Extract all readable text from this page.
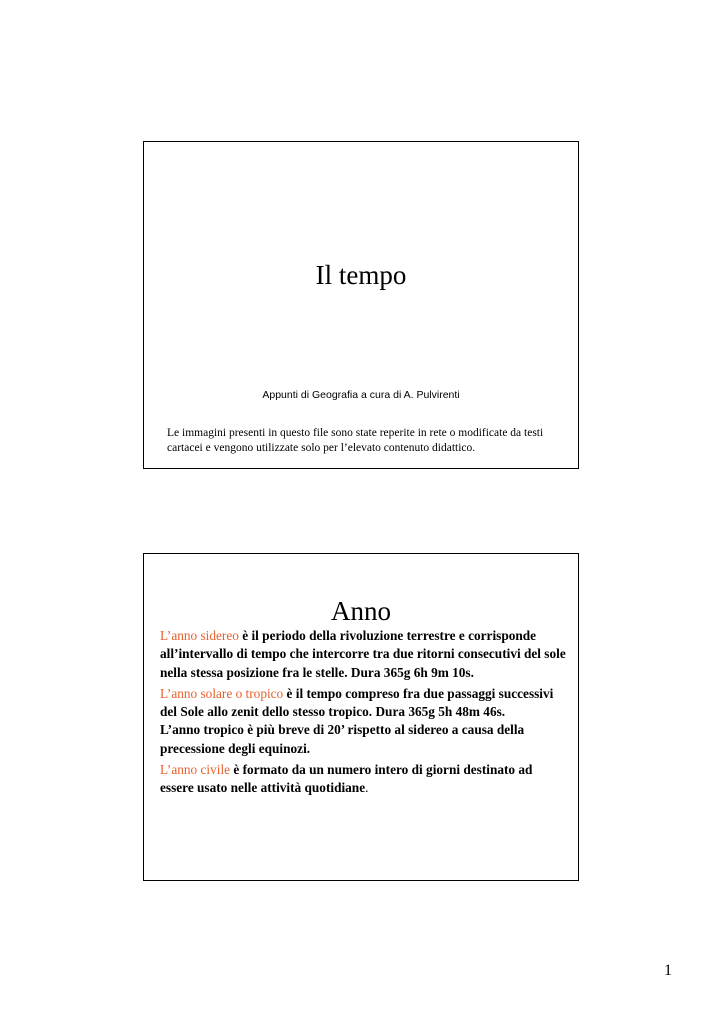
Il tempo
Appunti di Geografia a cura di A. Pulvirenti
Le immagini presenti in questo file sono state reperite in rete o modificate da testi cartacei e vengono utilizzate solo per l’elevato contenuto didattico.
Anno

L’anno sidereo è il periodo della rivoluzione terrestre e corrisponde all’intervallo di tempo che intercorre tra due ritorni consecutivi del sole nella stessa posizione fra le stelle. Dura 365g 6h 9m 10s.

L’anno solare o tropico è il tempo compreso fra due passaggi successivi del Sole allo zenit dello stesso tropico. Dura 365g 5h 48m 46s.

L’anno tropico è più breve di 20’ rispetto al sidereo a causa della precessione degli equinozi.

L’anno civile è formato da un numero intero di giorni destinato ad essere usato nelle attività quotidiane.

1
